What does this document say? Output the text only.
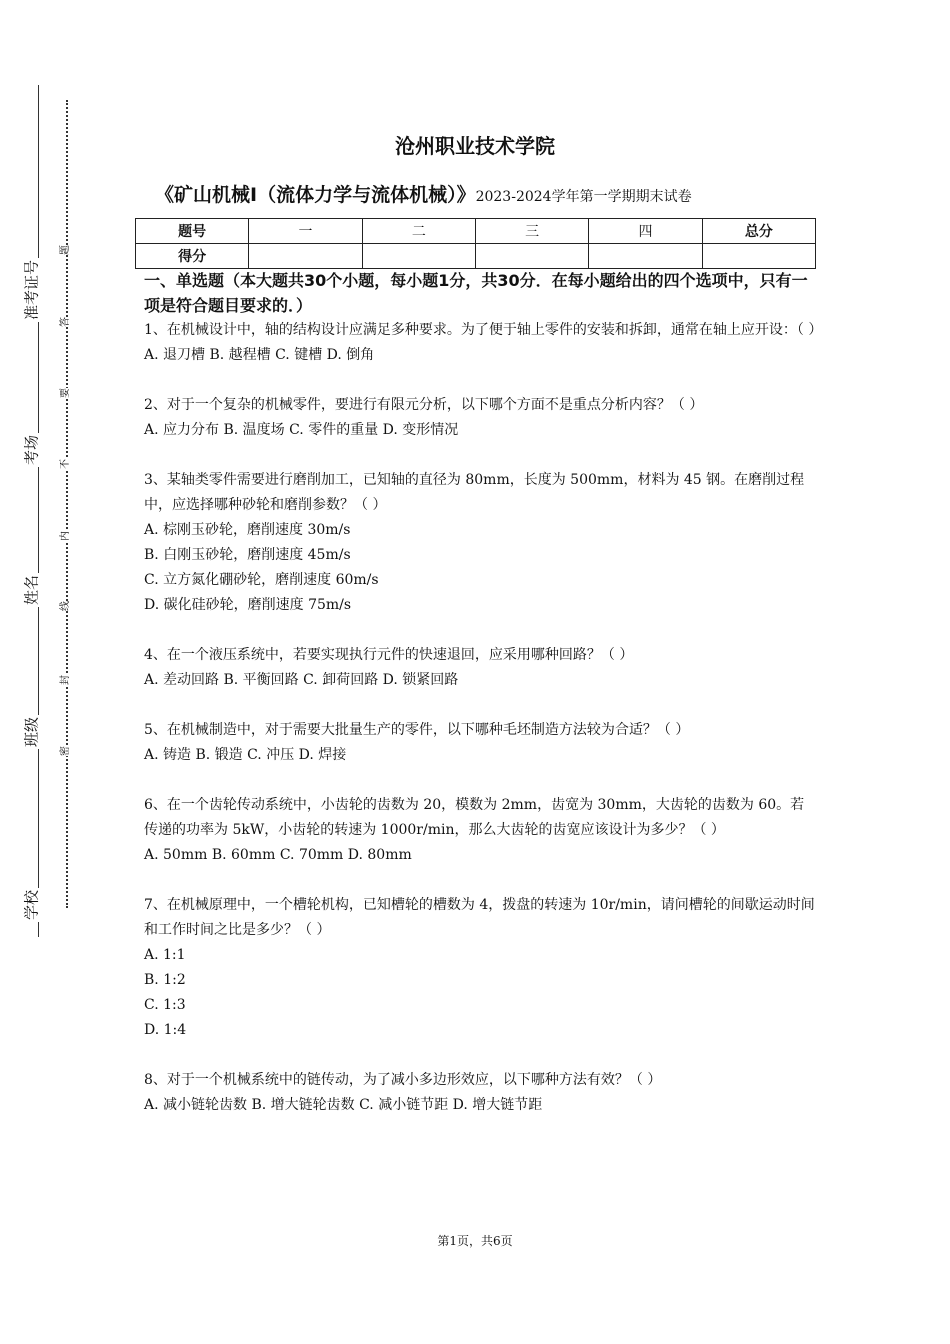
准考证号
考场
姓名
班级
学校
题
答
要
不
内
线
封
密
沧州职业技术学院
《矿山机械Ⅰ（流体力学与流体机械）》2023-2024学年第一学期期末试卷
题号	一	二	三	四	总分
得分					
一、单选题（本大题共30个小题，每小题1分，共30分．在每小题给出的四个选项中，只有一项是符合题目要求的．）

1、在机械设计中，轴的结构设计应满足多种要求。为了便于轴上零件的安装和拆卸，通常在轴上应开设：（ ）

A. 退刀槽 B. 越程槽 C. 键槽 D. 倒角

2、对于一个复杂的机械零件，要进行有限元分析，以下哪个方面不是重点分析内容？（ ）

A. 应力分布 B. 温度场 C. 零件的重量 D. 变形情况

3、某轴类零件需要进行磨削加工，已知轴的直径为 80mm，长度为 500mm，材料为 45 钢。在磨削过程中，应选择哪种砂轮和磨削参数？（ ）

A. 棕刚玉砂轮，磨削速度 30m/s

B. 白刚玉砂轮，磨削速度 45m/s

C. 立方氮化硼砂轮，磨削速度 60m/s

D. 碳化硅砂轮，磨削速度 75m/s

4、在一个液压系统中，若要实现执行元件的快速退回，应采用哪种回路？（ ）

A. 差动回路 B. 平衡回路 C. 卸荷回路 D. 锁紧回路

5、在机械制造中，对于需要大批量生产的零件，以下哪种毛坯制造方法较为合适？（ ）

A. 铸造 B. 锻造 C. 冲压 D. 焊接

6、在一个齿轮传动系统中，小齿轮的齿数为 20，模数为 2mm，齿宽为 30mm，大齿轮的齿数为 60。若传递的功率为 5kW，小齿轮的转速为 1000r/min，那么大齿轮的齿宽应该设计为多少？（ ）

A. 50mm B. 60mm C. 70mm D. 80mm

7、在机械原理中，一个槽轮机构，已知槽轮的槽数为 4，拨盘的转速为 10r/min，请问槽轮的间歇运动时间和工作时间之比是多少？（ ）

A. 1:1

B. 1:2

C. 1:3

D. 1:4

8、对于一个机械系统中的链传动，为了减小多边形效应，以下哪种方法有效？（ ）

A. 减小链轮齿数 B. 增大链轮齿数 C. 减小链节距 D. 增大链节距

第1页，共6页
